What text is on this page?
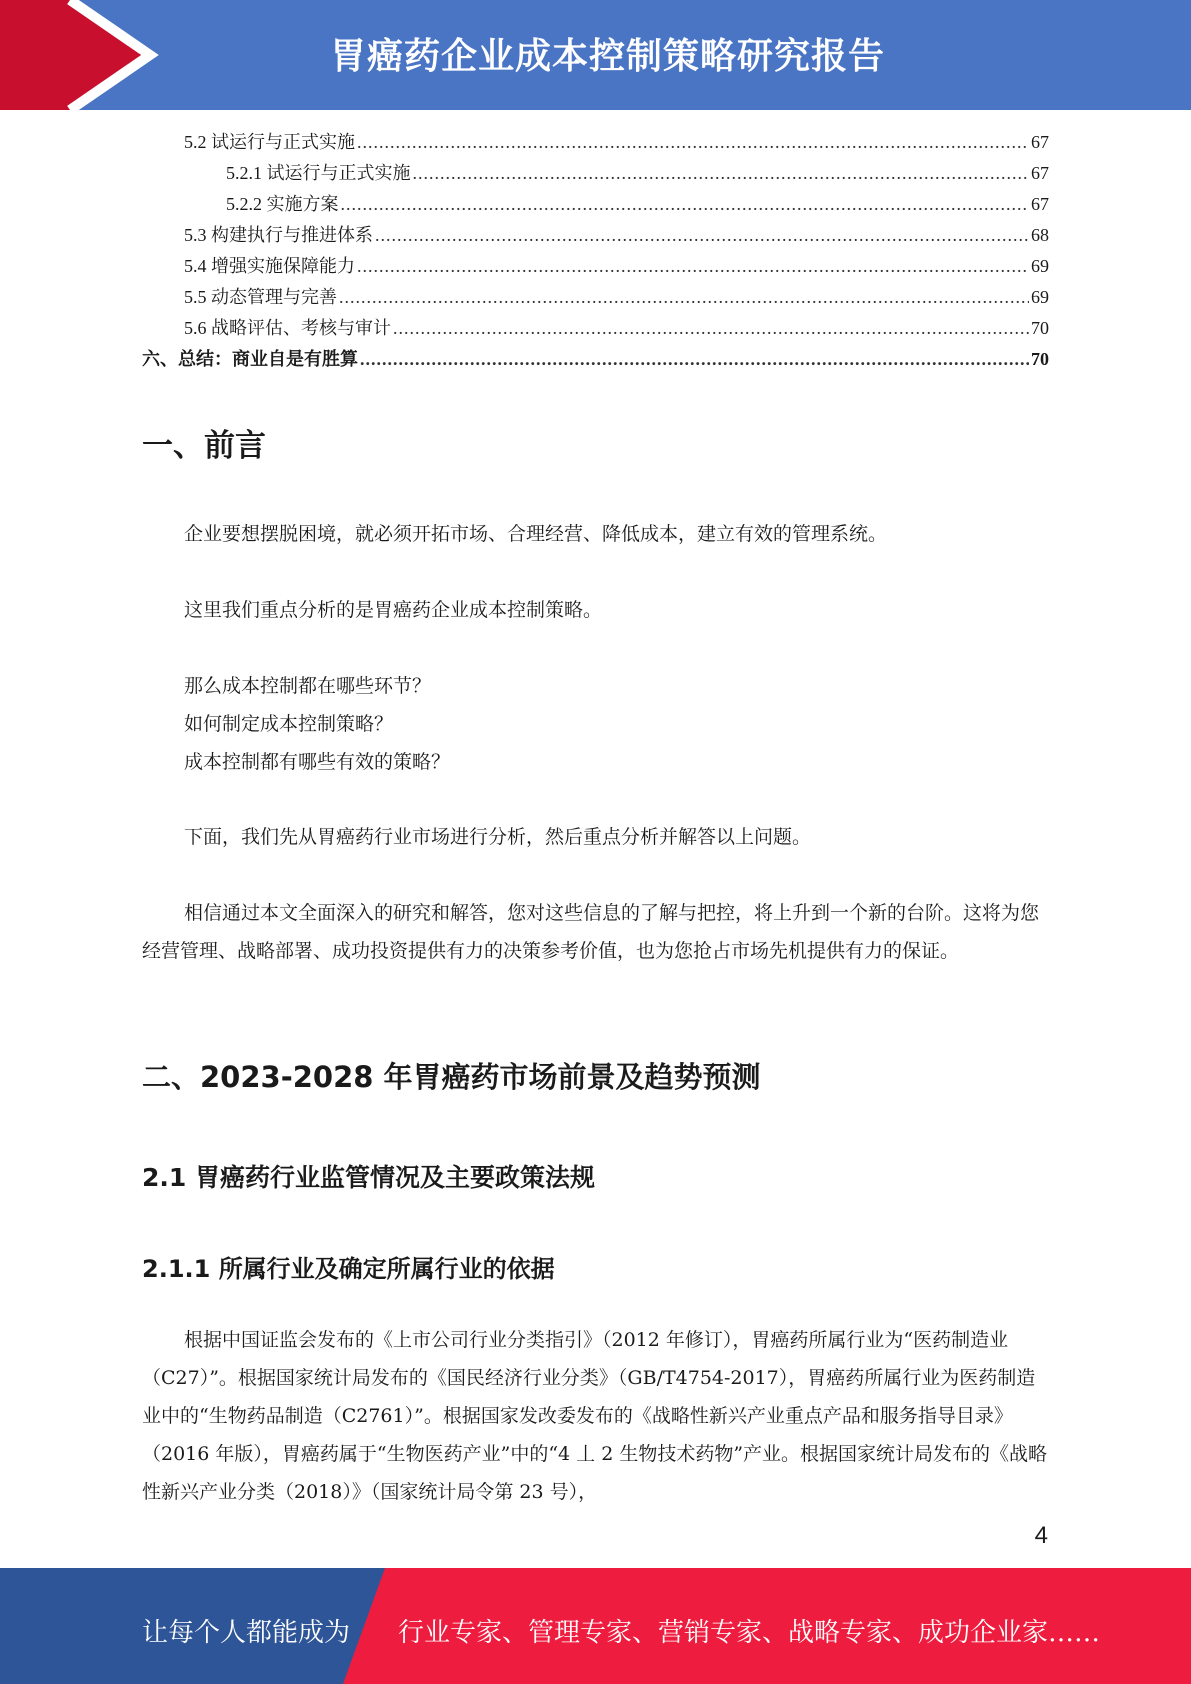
胃癌药企业成本控制策略研究报告
5.2 试运行与正式实施 .....	67
5.2.1 试运行与正式实施 .....	67
5.2.2 实施方案 .....	67
5.3 构建执行与推进体系 .....	68
5.4 增强实施保障能力 .....	69
5.5 动态管理与完善 .....	69
5.6 战略评估、考核与审计 .....	70
六、总结：商业自是有胜算 .....	70
一、前言

企业要想摆脱困境，就必须开拓市场、合理经营、降低成本，建立有效的管理系统。

这里我们重点分析的是胃癌药企业成本控制策略。

那么成本控制都在哪些环节？

如何制定成本控制策略？

成本控制都有哪些有效的策略？

下面，我们先从胃癌药行业市场进行分析，然后重点分析并解答以上问题。

相信通过本文全面深入的研究和解答，您对这些信息的了解与把控，将上升到一个新的台阶。这将为您经营管理、战略部署、成功投资提供有力的决策参考价值，也为您抢占市场先机提供有力的保证。

二、2023-2028 年胃癌药市场前景及趋势预测
2.1 胃癌药行业监管情况及主要政策法规
2.1.1 所属行业及确定所属行业的依据

根据中国证监会发布的《上市公司行业分类指引》（2012 年修订），胃癌药所属行业为“医药制造业（C27）”。根据国家统计局发布的《国民经济行业分类》（GB/T4754-2017），胃癌药所属行业为医药制造业中的“生物药品制造（C2761）”。根据国家发改委发布的《战略性新兴产业重点产品和服务指导目录》（2016 年版），胃癌药属于“生物医药产业”中的“4 丄 2 生物技术药物”产业。根据国家统计局发布的《战略性新兴产业分类（2018）》（国家统计局令第 23 号），

4
让每个人都能成为 行业专家、管理专家、营销专家、战略专家、成功企业家……
